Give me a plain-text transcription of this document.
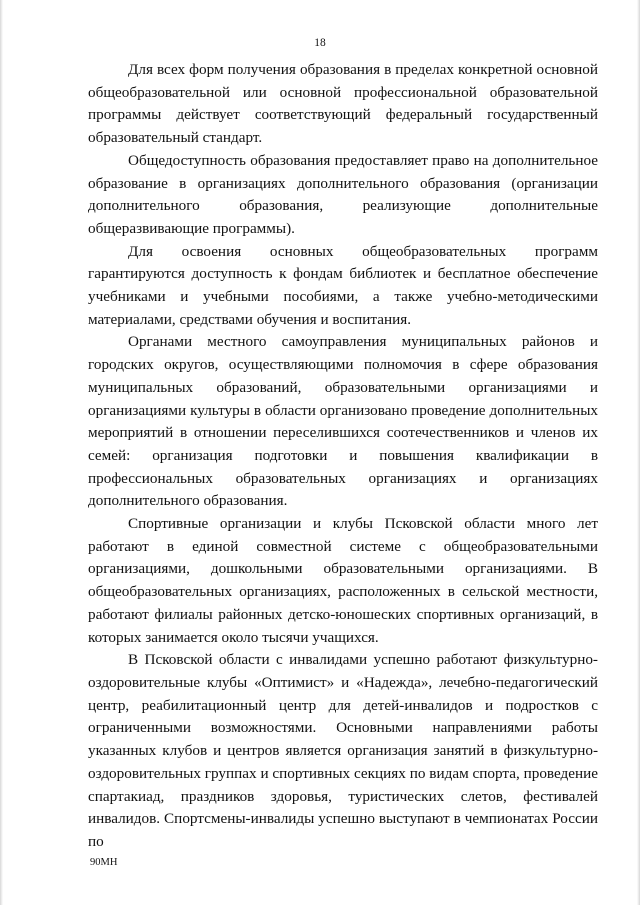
18

Для всех форм получения образования в пределах конкретной основной общеобразовательной или основной профессиональной образовательной программы действует соответствующий федеральный государственный образовательный стандарт.

Общедоступность образования предоставляет право на дополнительное образование в организациях дополнительного образования (организации дополнительного образования, реализующие дополнительные общеразвивающие программы).

Для освоения основных общеобразовательных программ гарантируются доступность к фондам библиотек и бесплатное обеспечение учебниками и учебными пособиями, а также учебно-методическими материалами, средствами обучения и воспитания.

Органами местного самоуправления муниципальных районов и городских округов, осуществляющими полномочия в сфере образования муниципальных образований, образовательными организациями и организациями культуры в области организовано проведение дополнительных мероприятий в отношении переселившихся соотечественников и членов их семей: организация подготовки и повышения квалификации в профессиональных образовательных организациях и организациях дополнительного образования.

Спортивные организации и клубы Псковской области много лет работают в единой совместной системе с общеобразовательными организациями, дошкольными образовательными организациями. В общеобразовательных организациях, расположенных в сельской местности, работают филиалы районных детско-юношеских спортивных организаций, в которых занимается около тысячи учащихся.

В Псковской области с инвалидами успешно работают физкультурно-оздоровительные клубы «Оптимист» и «Надежда», лечебно-педагогический центр, реабилитационный центр для детей-инвалидов и подростков с ограниченными возможностями. Основными направлениями работы указанных клубов и центров является организация занятий в физкультурно-оздоровительных группах и спортивных секциях по видам спорта, проведение спартакиад, праздников здоровья, туристических слетов, фестивалей инвалидов. Спортсмены-инвалиды успешно выступают в чемпионатах России по

90МН
